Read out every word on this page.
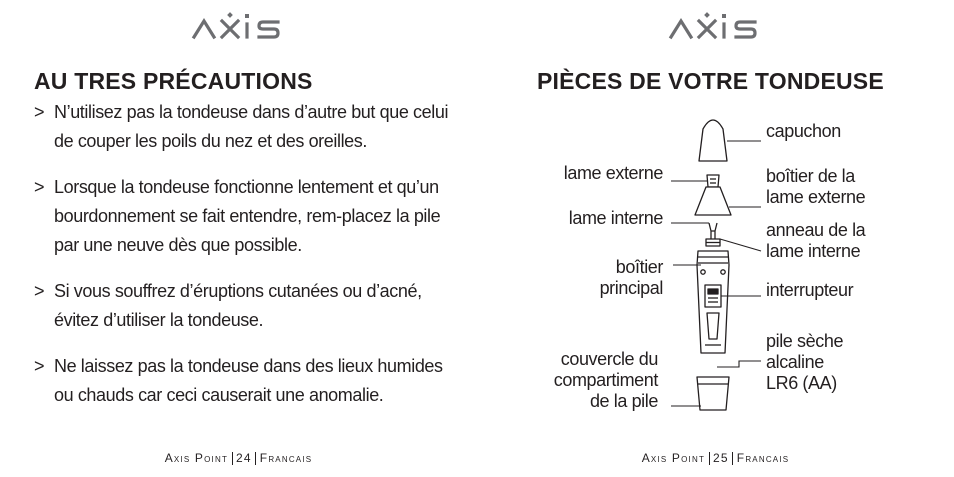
AU TRES PRÉCAUTIONS
> N’utilisez pas la tondeuse dans d’autre but que celui de couper les poils du nez et des oreilles.
> Lorsque la tondeuse fonctionne lentement et qu’un bourdonnement se fait entendre, rem-placez la pile par une neuve dès que possible.
> Si vous souffrez d’éruptions cutanées ou d’acné, évitez d’utiliser la tondeuse.
> Ne laissez pas la tondeuse dans des lieux humides ou chauds car ceci causerait une anomalie.
Axis Point 24 Francais
PIÈCES DE VOTRE TONDEUSE
capuchon
lame externe	boîtier de la
lame externe
lame interne
anneau de la
lame interne
boîtier
principal	interrupteur
pile sèche
alcaline
LR6 (AA)
couvercle du
compartiment
de la pile
Axis Point 25 Francais
